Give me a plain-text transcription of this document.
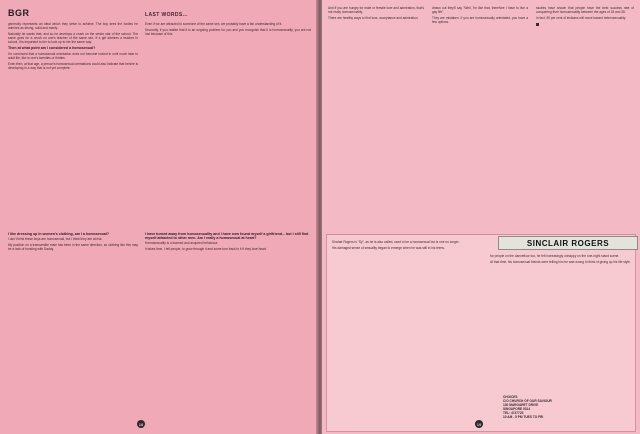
BGR

generally represents an ideal which they strive to achieve. The boy sees the bodies he admires as strong, solid and manly.

Naturally he wants that, and so he develops a crush on the senior star of the school. The same goes for a crush on one's teacher of the same sex. If a girl admires a teacher in school, it is important to her to look up to her the same way.

Then at what point am I considered a homosexual?

I'm convinced that a homosexual orientation does not become locked in until much later in adult life, like in one's twenties or thirties.

Even then, at that age, a person's homosexual orientations could also indicate that he/she is developing in a way that is not yet complete.

LAST WORDS...

Even if we are attracted to someone of the same sex, we probably have a fair understanding of it.

Secondly, if you realise that it is an ongoing problem for you and you recognise that it is homosexuality, you are not lost because of this.

I like dressing up in women's clothing, am I a homosexual?

I don't think these boys are homosexual, but I think they are at risk.

My position on a transvestite male has been in the same direction, so clothing like this may be a lack of bonding with Daddy.

I have turned away from homosexuality and I have now found myself a girlfriend... but I still find myself attracted to other men. Am I really a homosexual at heart?

Homosexuality is a learned and acquired behaviour.

It takes time, I tell people, to grow through it and some turn back to it if they lose heart.

18

And if you are hungry for male or female love and admiration, that's not really homosexuality.

There are healthy ways to find love, acceptance and admiration.

drawn out they'll say "Well, I'm like that, therefore I have to live a gay life".

They are mistaken. If you are homosexually orientated, you have a few options.

studies have shown that people have the best success rate of conquering their homosexuality between the ages of 18 and 35.

In fact, 90 per cent of lesbians will move toward heterosexuality.

SINCLAIR ROGERS

Sinclair Rogers is "Sy", as he is also called, used to be a homosexual but is one no longer.

His damaged sense of sexuality began to emerge when he was still in his teens.

for people on the dancefloor too, he felt increasingly unhappy on the one-night stand scene.

At that time, his homosexual friends were telling him he was wrong to think of giving up his life style.

CHOICES
C/O CHURCH OF OUR SAVIOUR
130 MARGARET DRIVE
SINGAPORE 0314
TEL: 4747723
10 AM - 5 PM TUES TO FRI
19
